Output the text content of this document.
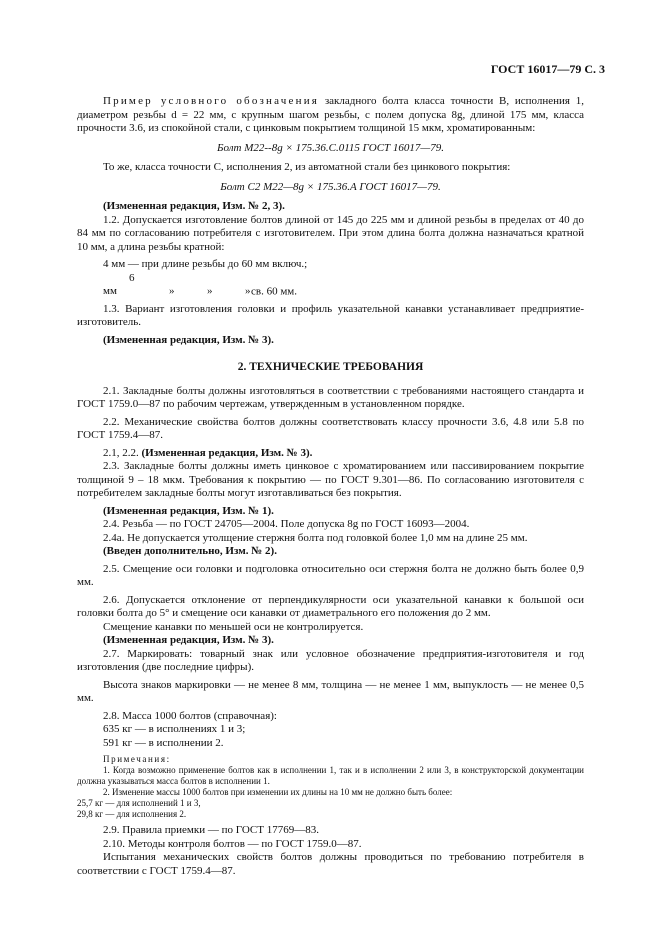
ГОСТ 16017—79 С. 3

Пример условного обозначения закладного болта класса точности В, исполнения 1, диаметром резьбы d = 22 мм, с крупным шагом резьбы, с полем допуска 8g, длиной 175 мм, класса прочности 3.6, из спокойной стали, с цинковым покрытием толщиной 15 мкм, хроматированным:

Болт М22-‑8g × 175.36.С.0115 ГОСТ 16017—79.

То же, класса точности С, исполнения 2, из автоматной стали без цинкового покрытия:

Болт С2 М22—8g × 175.36.А ГОСТ 16017—79.

(Измененная редакция, Изм. № 2, 3).

1.2. Допускается изготовление болтов длиной от 145 до 225 мм и длиной резьбы в пределах от 40 до 84 мм по согласованию потребителя с изготовителем. При этом длина болта должна назначаться кратной 10 мм, а длина резьбы кратной:

4 мм — при длине резьбы до 60 мм включ.;

6 мм	»	»	»св. 60 мм.

1.3. Вариант изготовления головки и профиль указательной канавки устанавливает предприятие-изготовитель.

(Измененная редакция, Изм. № 3).

2. ТЕХНИЧЕСКИЕ ТРЕБОВАНИЯ

2.1. Закладные болты должны изготовляться в соответствии с требованиями настоящего стандарта и ГОСТ 1759.0—87 по рабочим чертежам, утвержденным в установленном порядке.

2.2. Механические свойства болтов должны соответствовать классу прочности 3.6, 4.8 или 5.8 по ГОСТ 1759.4—87.

2.1, 2.2. (Измененная редакция, Изм. № 3).

2.3. Закладные болты должны иметь цинковое с хроматированием или пассивированием покрытие толщиной 9 – 18 мкм. Требования к покрытию — по ГОСТ 9.301—86. По согласованию изготовителя с потребителем закладные болты могут изготавливаться без покрытия.

(Измененная редакция, Изм. № 1).

2.4. Резьба — по ГОСТ 24705—2004. Поле допуска 8g по ГОСТ 16093—2004.

2.4а. Не допускается утолщение стержня болта под головкой более 1,0 мм на длине 25 мм.

(Введен дополнительно, Изм. № 2).

2.5. Смещение оси головки и подголовка относительно оси стержня болта не должно быть более 0,9 мм.

2.6. Допускается отклонение от перпендикулярности оси указательной канавки к большой оси головки болта до 5° и смещение оси канавки от диаметрального его положения до 2 мм.

Смещение канавки по меньшей оси не контролируется.

(Измененная редакция, Изм. № 3).

2.7. Маркировать: товарный знак или условное обозначение предприятия-изготовителя и год изготовления (две последние цифры).

Высота знаков маркировки — не менее 8 мм, толщина — не менее 1 мм, выпуклость — не менее 0,5 мм.

2.8. Масса 1000 болтов (справочная):

635 кг — в исполнениях 1 и 3;

591 кг — в исполнении 2.

Примечания:

1. Когда возможно применение болтов как в исполнении 1, так и в исполнении 2 или 3, в конструкторской документации должна указываться масса болтов в исполнении 1.

2. Изменение массы 1000 болтов при изменении их длины на 10 мм не должно быть более:

25,7 кг — для исполнений 1 и 3,

29,8 кг — для исполнения 2.

2.9. Правила приемки — по ГОСТ 17769—83.

2.10. Методы контроля болтов — по ГОСТ 1759.0—87.

Испытания механических свойств болтов должны проводиться по требованию потребителя в соответствии с ГОСТ 1759.4—87.
